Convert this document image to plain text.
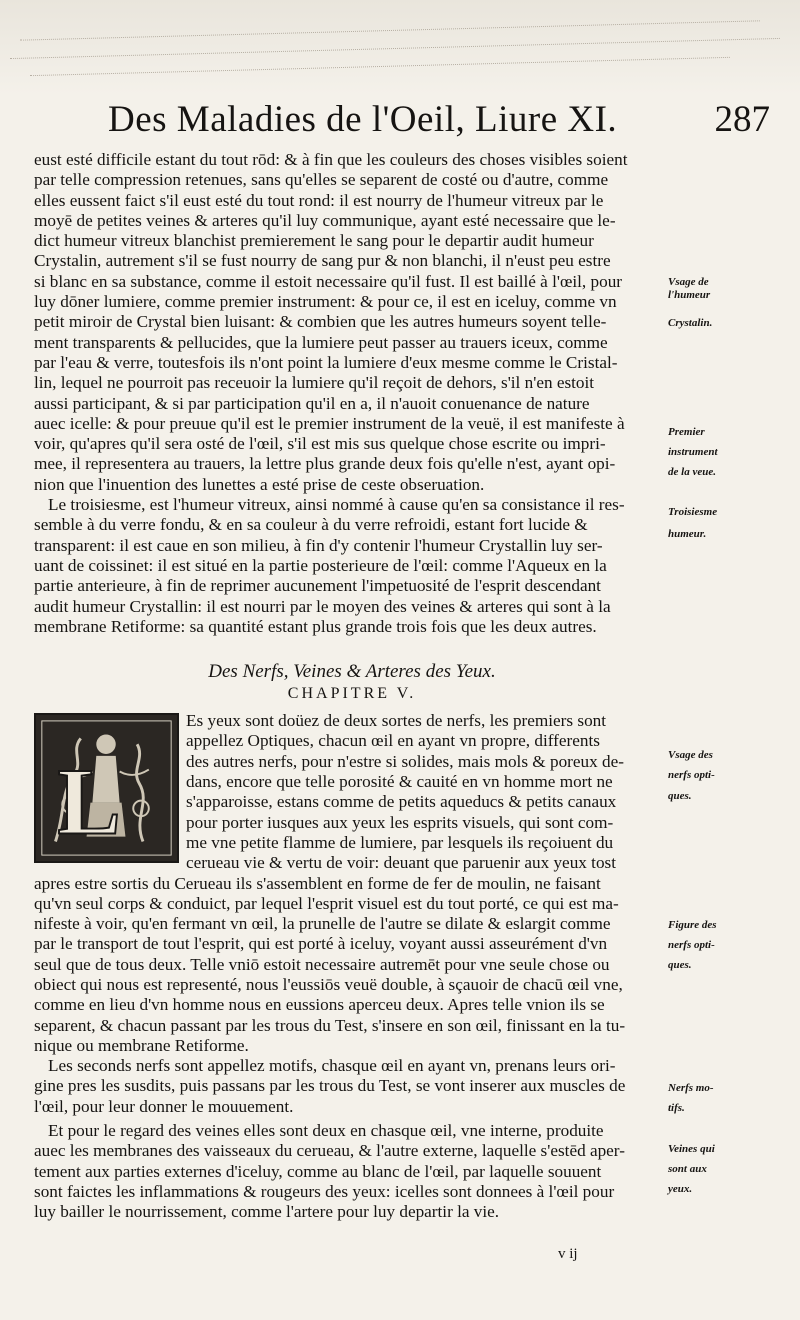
Des Maladies de l'Oeil, Liure XI.	287

eust esté difficile estant du tout rōd: & à fin que les couleurs des choses visibles soient
par telle compression retenues, sans qu'elles se separent de costé ou d'autre, comme
elles eussent faict s'il eust esté du tout rond: il est nourry de l'humeur vitreux par le
moyē de petites veines & arteres qu'il luy communique, ayant esté necessaire que le-
dict humeur vitreux blanchist premierement le sang pour le departir audit humeur
Crystalin, autrement s'il se fust nourry de sang pur & non blanchi, il n'eust peu estre
si blanc en sa substance, comme il estoit necessaire qu'il fust. Il est baillé à l'œil, pour
luy dōner lumiere, comme premier instrument: & pour ce, il est en iceluy, comme vn
petit miroir de Crystal bien luisant: & combien que les autres humeurs soyent telle-
ment transparents & pellucides, que la lumiere peut passer au trauers iceux, comme
par l'eau & verre, toutesfois ils n'ont point la lumiere d'eux mesme comme le Cristal-
lin, lequel ne pourroit pas receuoir la lumiere qu'il reçoit de dehors, s'il n'en estoit
aussi participant, & si par participation qu'il en a, il n'auoit conuenance de nature
auec icelle: & pour preuue qu'il est le premier instrument de la veuë, il est manifeste à
voir, qu'apres qu'il sera osté de l'œil, s'il est mis sus quelque chose escrite ou impri-
mee, il representera au trauers, la lettre plus grande deux fois qu'elle n'est, ayant opi-
nion que l'inuention des lunettes a esté prise de ceste obseruation.

Le troisiesme, est l'humeur vitreux, ainsi nommé à cause qu'en sa consistance il res-
semble à du verre fondu, & en sa couleur à du verre refroidi, estant fort lucide &
transparent: il est caue en son milieu, à fin d'y contenir l'humeur Crystallin luy ser-
uant de coissinet: il est situé en la partie posterieure de l'œil: comme l'Aqueux en la
partie anterieure, à fin de reprimer aucunement l'impetuosité de l'esprit descendant
audit humeur Crystallin: il est nourri par le moyen des veines & arteres qui sont à la
membrane Retiforme: sa quantité estant plus grande trois fois que les deux autres.

Des Nerfs, Veines & Arteres des Yeux.
CHAPITRE V.
L
Es yeux sont doüez de deux sortes de nerfs, les premiers sont
appellez Optiques, chacun œil en ayant vn propre, differents
des autres nerfs, pour n'estre si solides, mais mols & poreux de-
dans, encore que telle porosité & cauité en vn homme mort ne
s'apparoisse, estans comme de petits aqueducs & petits canaux
pour porter iusques aux yeux les esprits visuels, qui sont com-
me vne petite flamme de lumiere, par lesquels ils reçoiuent du
cerueau vie & vertu de voir: deuant que paruenir aux yeux tost

apres estre sortis du Cerueau ils s'assemblent en forme de fer de moulin, ne faisant
qu'vn seul corps & conduict, par lequel l'esprit visuel est du tout porté, ce qui est ma-
nifeste à voir, qu'en fermant vn œil, la prunelle de l'autre se dilate & eslargit comme
par le transport de tout l'esprit, qui est porté à iceluy, voyant aussi asseurément d'vn
seul que de tous deux. Telle vniō estoit necessaire autremēt pour vne seule chose ou
obiect qui nous est representé, nous l'eussiōs veuë double, à sçauoir de chacū œil vne,
comme en lieu d'vn homme nous en eussions aperceu deux. Apres telle vnion ils se
separent, & chacun passant par les trous du Test, s'insere en son œil, finissant en la tu-
nique ou membrane Retiforme.

Les seconds nerfs sont appellez motifs, chasque œil en ayant vn, prenans leurs ori-
gine pres les susdits, puis passans par les trous du Test, se vont inserer aux muscles de
l'œil, pour leur donner le mouuement.

Et pour le regard des veines elles sont deux en chasque œil, vne interne, produite
auec les membranes des vaisseaux du cerueau, & l'autre externe, laquelle s'estēd aper-
tement aux parties externes d'iceluy, comme au blanc de l'œil, par laquelle souuent
sont faictes les inflammations & rougeurs des yeux: icelles sont donnees à l'œil pour
luy bailler le nourrissement, comme l'artere pour luy departir la vie.

Vsage de
l'humeur
Crystalin.
Premier
instrument
de la veue.
Troisiesme
humeur.
Vsage des
nerfs opti-
ques.
Figure des
nerfs opti-
ques.
Nerfs mo-
tifs.
Veines qui
sont aux
yeux.
v ij
